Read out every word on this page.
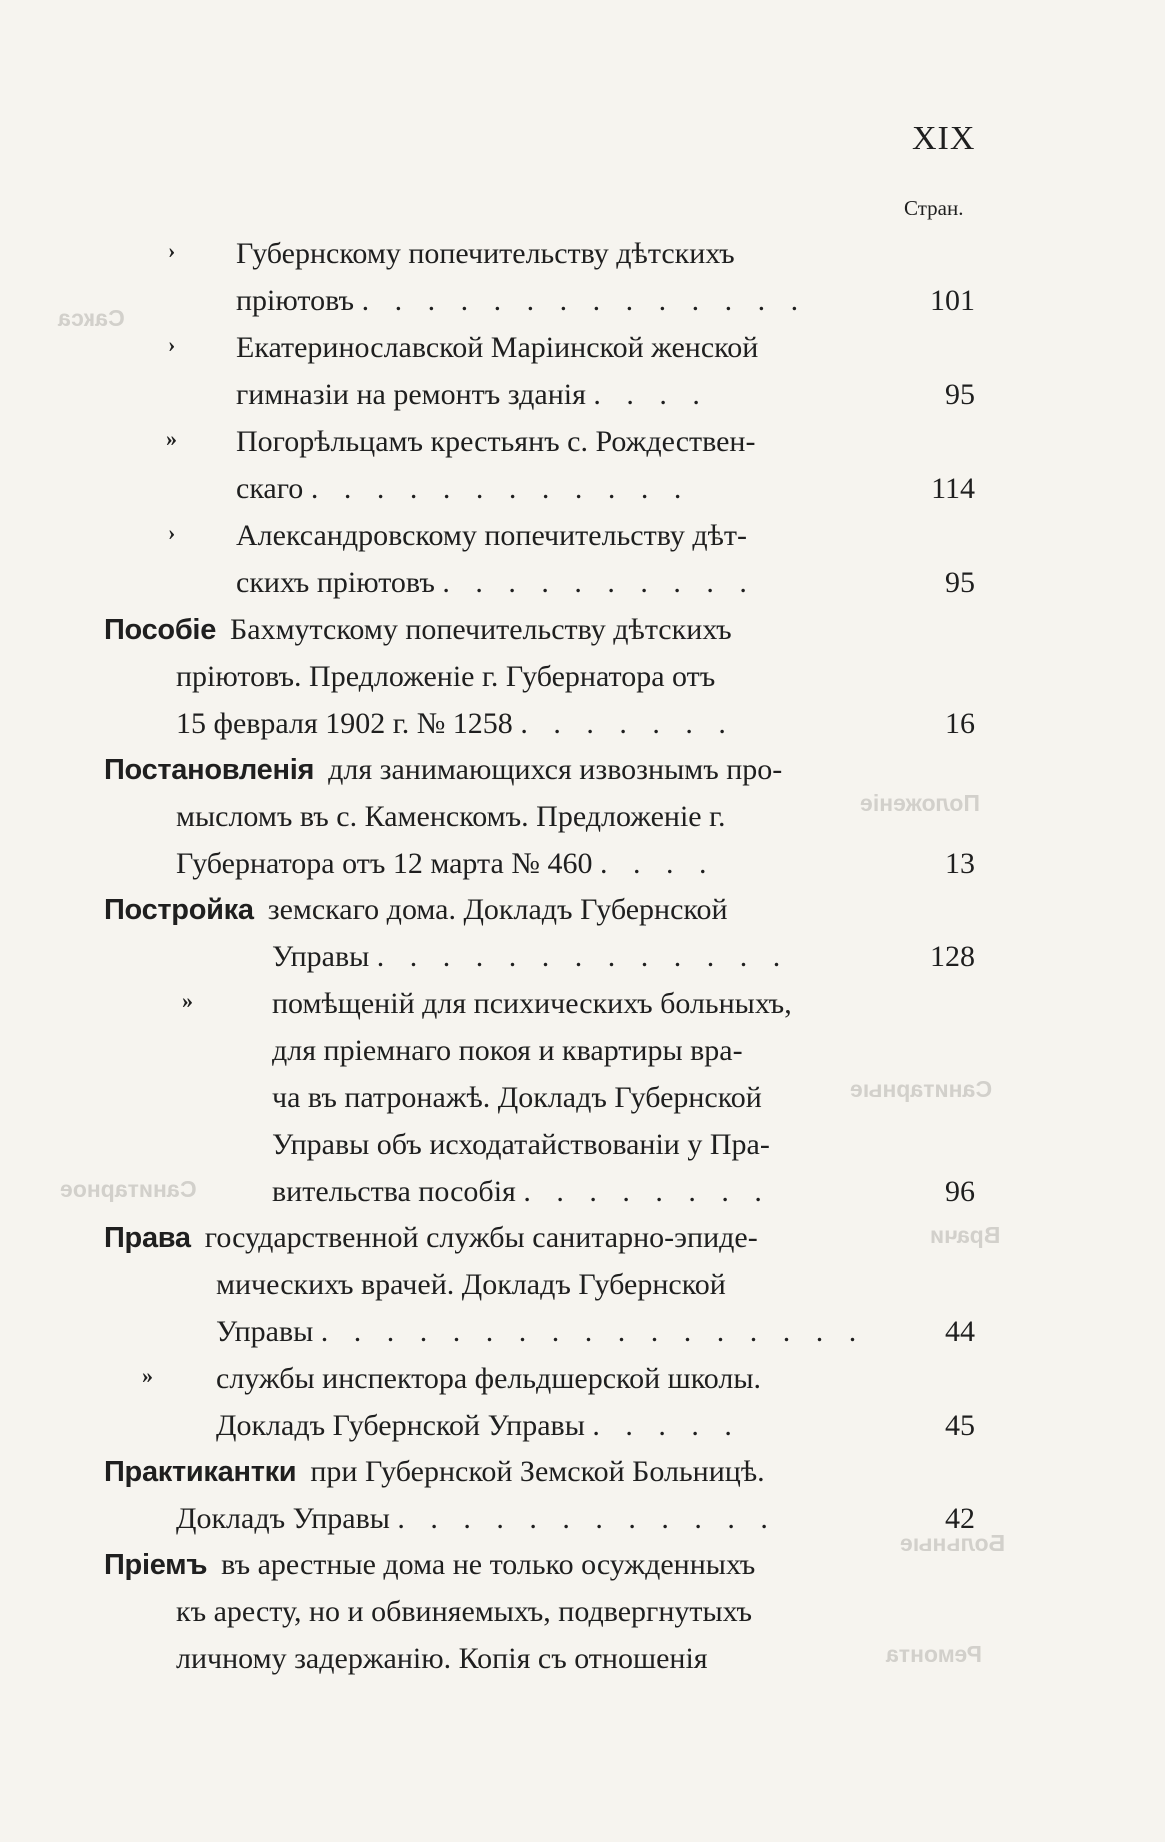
Сакса
Санитарные
Санитарное
Больные
Ремонта
Положенiе
Врачи
XIX
Стран.
› Губернскому попечительству дѣтскихъ
прiютовъ . . . . . . . . . . . . . .	101
› Екатеринославской Марiинской женской
гимназiи на ремонтъ зданiя . . . .	95
» Погорѣльцамъ крестьянъ с. Рождествен-
скаго . . . . . . . . . . . .	114
› Александровскому попечительству дѣт-
скихъ прiютовъ . . . . . . . . . .	95
Пособiе Бахмутскому попечительству дѣтскихъ
прiютовъ. Предложенiе г. Губернатора отъ
15 февраля 1902 г. № 1258 . . . . . . .	16
Постановленiя для занимающихся извознымъ про-
мысломъ въ с. Каменскомъ. Предложенiе г.
Губернатора отъ 12 марта № 460 . . . .	13
Постройка земскаго дома. Докладъ Губернской
Управы . . . . . . . . . . . . .	128
»	помѣщенiй для психическихъ больныхъ,
для прiемнаго покоя и квартиры вра-
ча въ патронажѣ. Докладъ Губернской
Управы объ исходатайствованiи у Пра-
вительства пособiя . . . . . . . .	96
Права государственной службы санитарно-эпиде-
мическихъ врачей. Докладъ Губернской
Управы . . . . . . . . . . . . . . . . .	44
» службы инспектора фельдшерской школы.
Докладъ Губернской Управы . . . . .	45
Практикантки при Губернской Земской Больницѣ.
Докладъ Управы . . . . . . . . . . . .	42
Прiемъ въ арестные дома не только осужденныхъ
къ аресту, но и обвиняемыхъ, подвергнутыхъ
личному задержанiю. Копiя съ отношенiя
